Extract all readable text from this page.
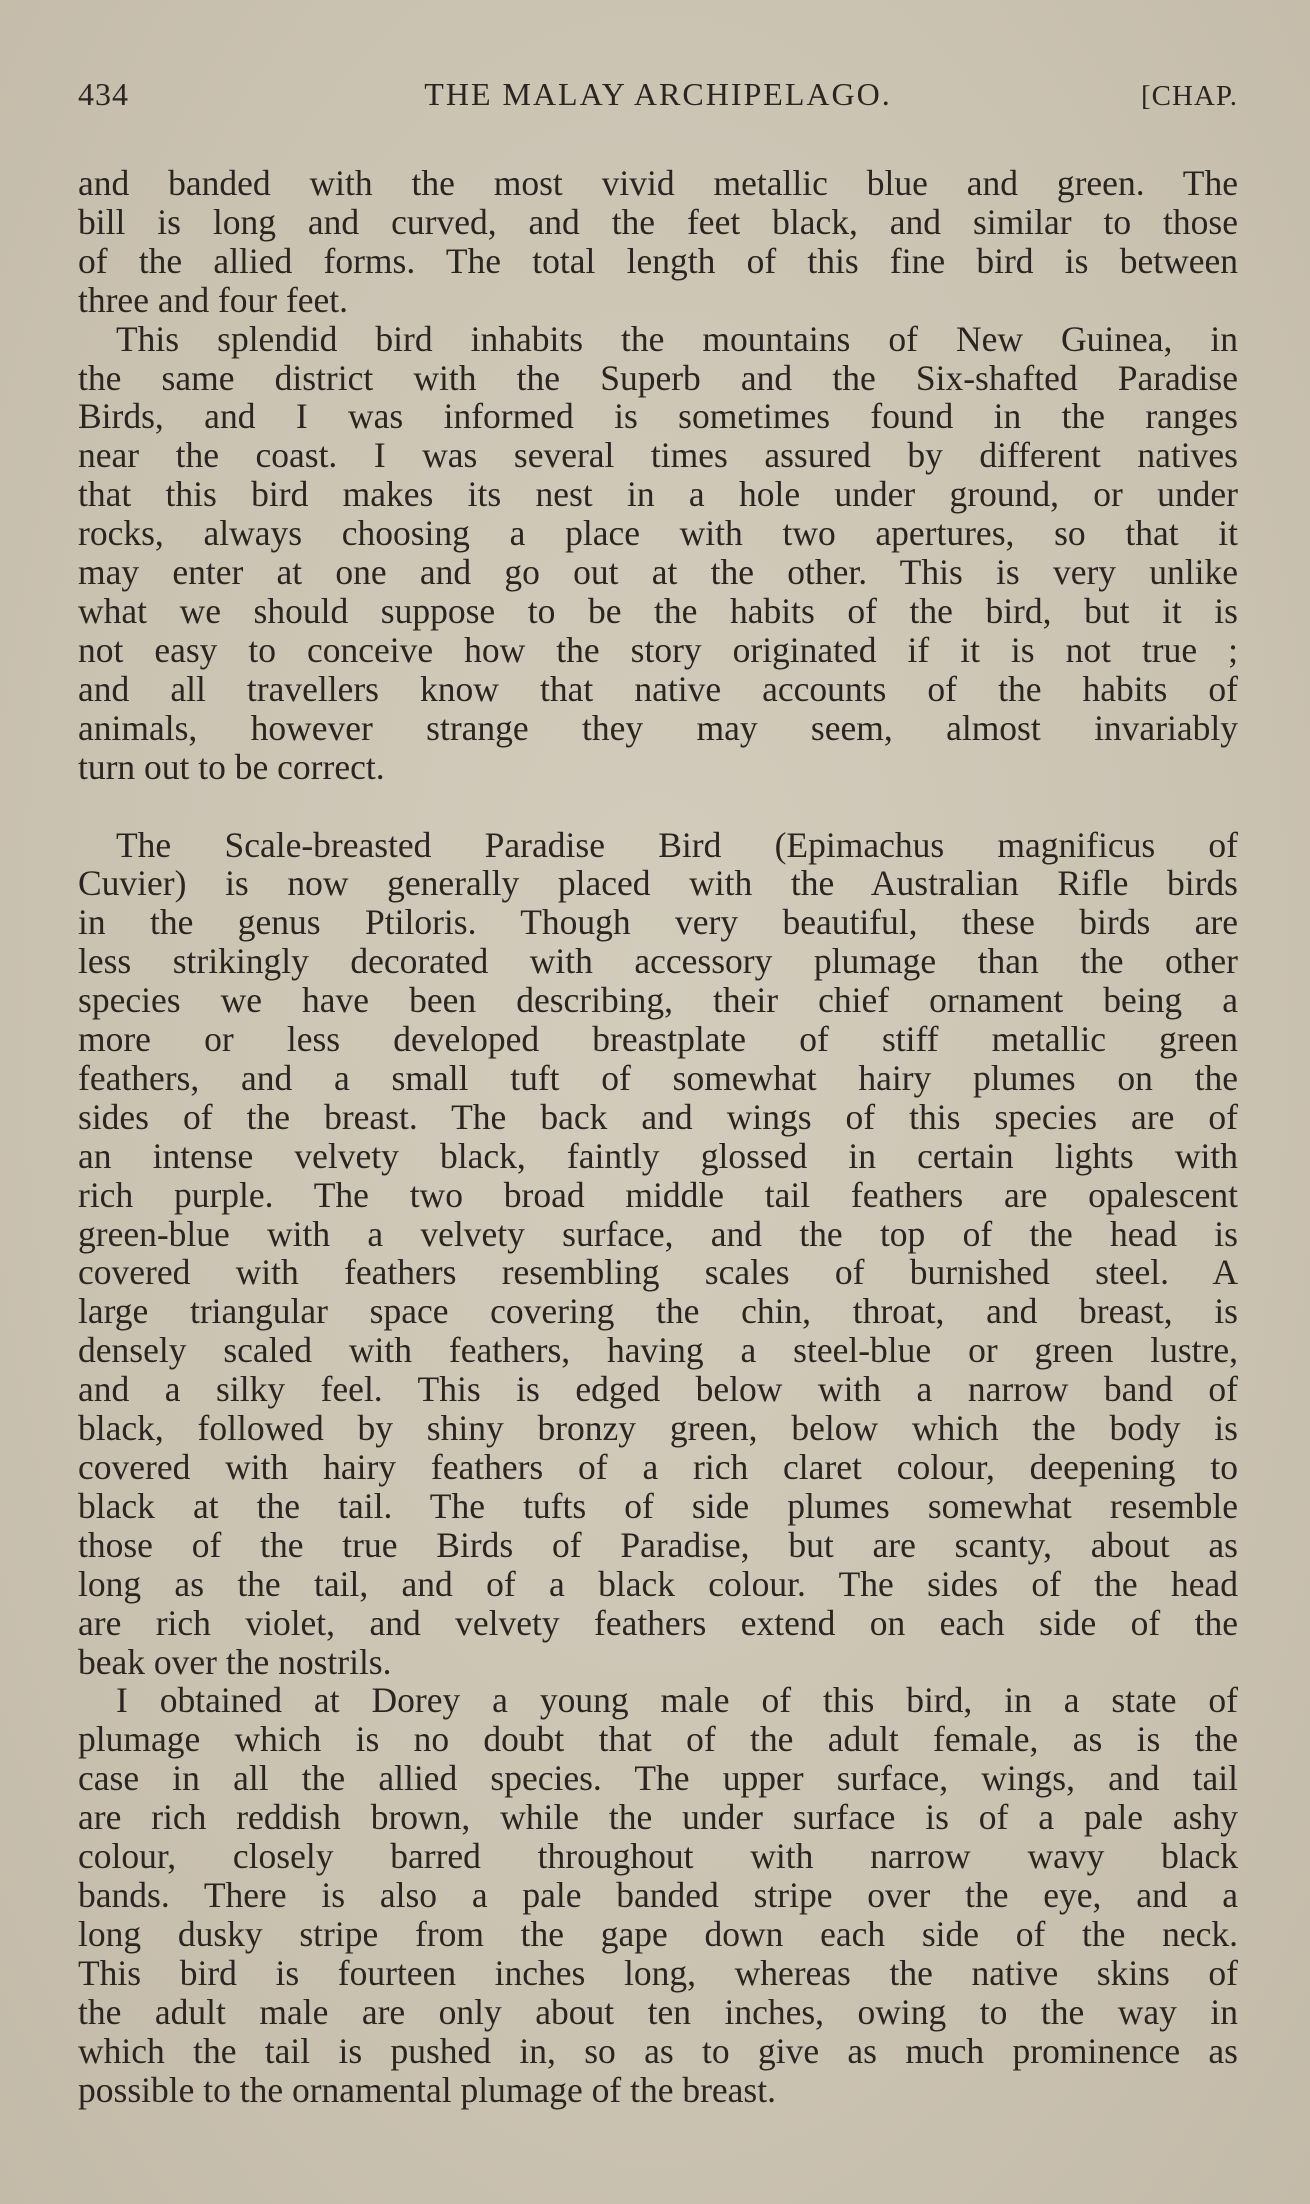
434	THE MALAY ARCHIPELAGO.	[CHAP.

and banded with the most vivid metallic blue and green. The

bill is long and curved, and the feet black, and similar to those

of the allied forms. The total length of this fine bird is between

three and four feet.

This splendid bird inhabits the mountains of New Guinea, in

the same district with the Superb and the Six-shafted Paradise

Birds, and I was informed is sometimes found in the ranges

near the coast. I was several times assured by different natives

that this bird makes its nest in a hole under ground, or under

rocks, always choosing a place with two apertures, so that it

may enter at one and go out at the other. This is very unlike

what we should suppose to be the habits of the bird, but it is

not easy to conceive how the story originated if it is not true ;

and all travellers know that native accounts of the habits of

animals, however strange they may seem, almost invariably

turn out to be correct.

The Scale-breasted Paradise Bird (Epimachus magnificus of

Cuvier) is now generally placed with the Australian Rifle birds

in the genus Ptiloris. Though very beautiful, these birds are

less strikingly decorated with accessory plumage than the other

species we have been describing, their chief ornament being a

more or less developed breastplate of stiff metallic green

feathers, and a small tuft of somewhat hairy plumes on the

sides of the breast. The back and wings of this species are of

an intense velvety black, faintly glossed in certain lights with

rich purple. The two broad middle tail feathers are opalescent

green-blue with a velvety surface, and the top of the head is

covered with feathers resembling scales of burnished steel. A

large triangular space covering the chin, throat, and breast, is

densely scaled with feathers, having a steel-blue or green lustre,

and a silky feel. This is edged below with a narrow band of

black, followed by shiny bronzy green, below which the body is

covered with hairy feathers of a rich claret colour, deepening to

black at the tail. The tufts of side plumes somewhat resemble

those of the true Birds of Paradise, but are scanty, about as

long as the tail, and of a black colour. The sides of the head

are rich violet, and velvety feathers extend on each side of the

beak over the nostrils.

I obtained at Dorey a young male of this bird, in a state of

plumage which is no doubt that of the adult female, as is the

case in all the allied species. The upper surface, wings, and tail

are rich reddish brown, while the under surface is of a pale ashy

colour, closely barred throughout with narrow wavy black

bands. There is also a pale banded stripe over the eye, and a

long dusky stripe from the gape down each side of the neck.

This bird is fourteen inches long, whereas the native skins of

the adult male are only about ten inches, owing to the way in

which the tail is pushed in, so as to give as much prominence as

possible to the ornamental plumage of the breast.
